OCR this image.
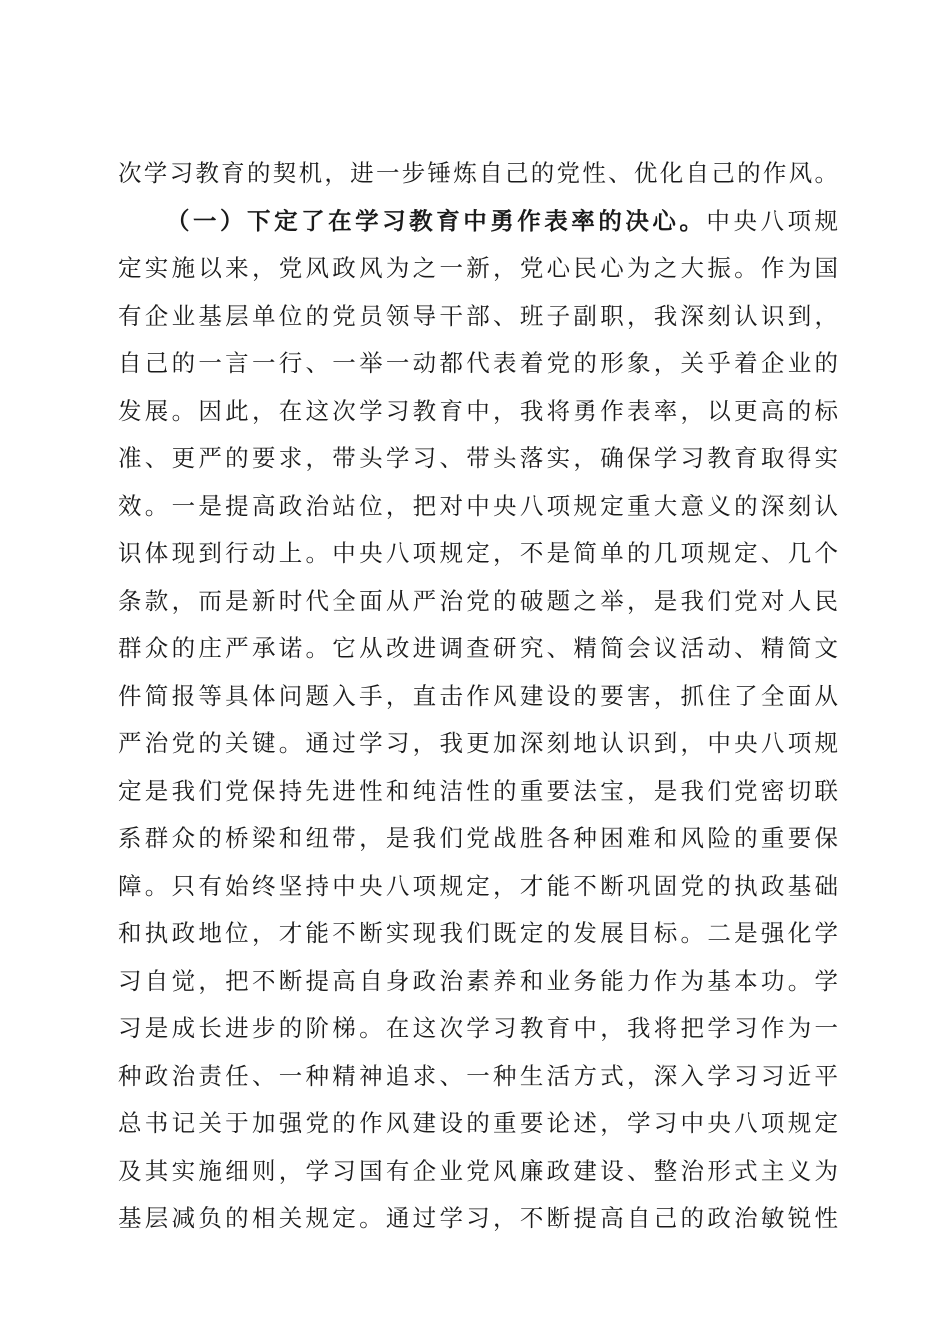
次学习教育的契机，进一步锤炼自己的党性、优化自己的作风。
（一）下定了在学习教育中勇作表率的决心。中央八项规
定实施以来，党风政风为之一新，党心民心为之大振。作为国
有企业基层单位的党员领导干部、班子副职，我深刻认识到，
自己的一言一行、一举一动都代表着党的形象，关乎着企业的
发展。因此，在这次学习教育中，我将勇作表率，以更高的标
准、更严的要求，带头学习、带头落实，确保学习教育取得实
效。一是提高政治站位，把对中央八项规定重大意义的深刻认
识体现到行动上。中央八项规定，不是简单的几项规定、几个
条款，而是新时代全面从严治党的破题之举，是我们党对人民
群众的庄严承诺。它从改进调查研究、精简会议活动、精简文
件简报等具体问题入手，直击作风建设的要害，抓住了全面从
严治党的关键。通过学习，我更加深刻地认识到，中央八项规
定是我们党保持先进性和纯洁性的重要法宝，是我们党密切联
系群众的桥梁和纽带，是我们党战胜各种困难和风险的重要保
障。只有始终坚持中央八项规定，才能不断巩固党的执政基础
和执政地位，才能不断实现我们既定的发展目标。二是强化学
习自觉，把不断提高自身政治素养和业务能力作为基本功。学
习是成长进步的阶梯。在这次学习教育中，我将把学习作为一
种政治责任、一种精神追求、一种生活方式，深入学习习近平
总书记关于加强党的作风建设的重要论述，学习中央八项规定
及其实施细则，学习国有企业党风廉政建设、整治形式主义为
基层减负的相关规定。通过学习，不断提高自己的政治敏锐性
